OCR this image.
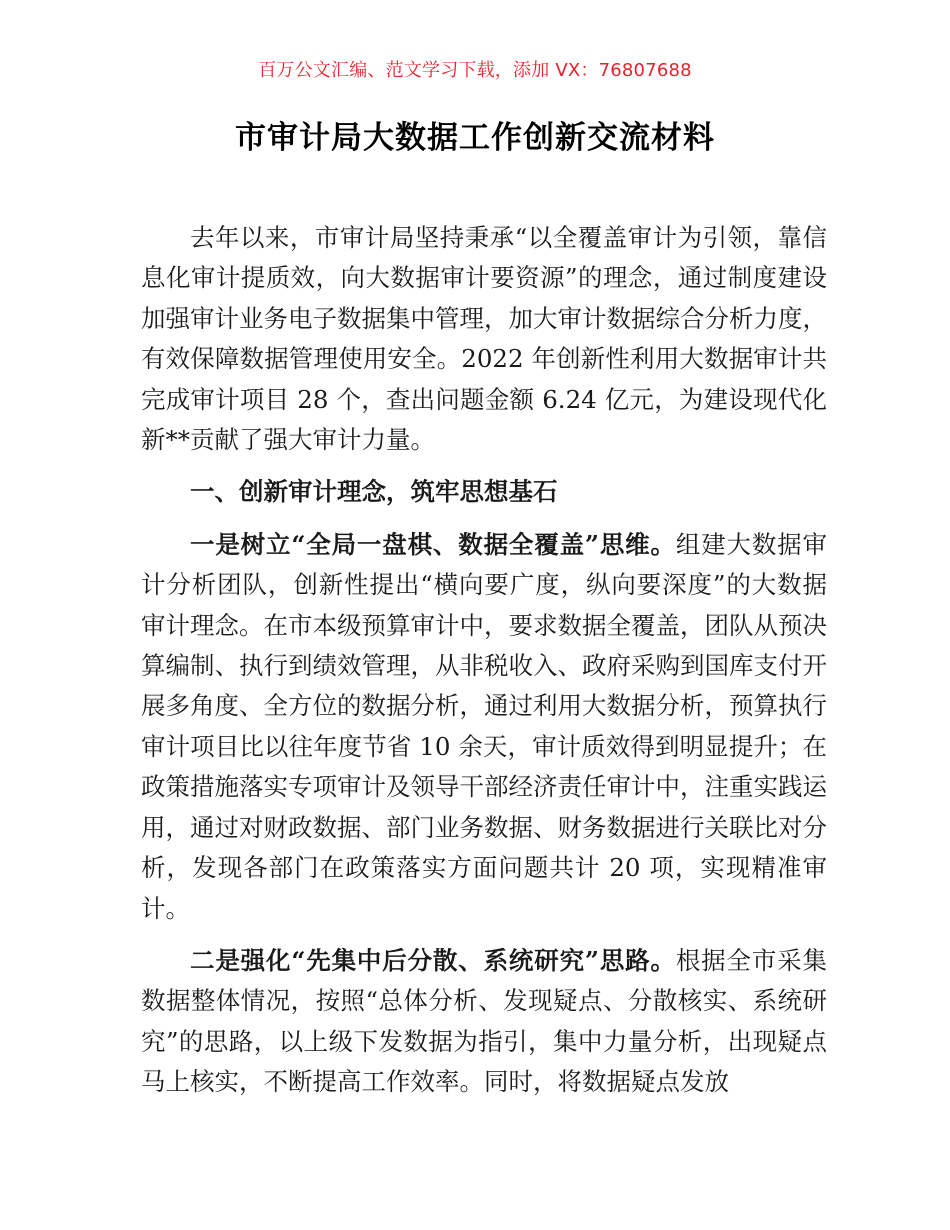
百万公文汇编、范文学习下载，添加 VX：76807688
市审计局大数据工作创新交流材料

去年以来，市审计局坚持秉承“以全覆盖审计为引领，靠信息化审计提质效，向大数据审计要资源”的理念，通过制度建设加强审计业务电子数据集中管理，加大审计数据综合分析力度，有效保障数据管理使用安全。2022 年创新性利用大数据审计共完成审计项目 28 个，查出问题金额 6.24 亿元，为建设现代化新**贡献了强大审计力量。

一、创新审计理念，筑牢思想基石

一是树立“全局一盘棋、数据全覆盖”思维。组建大数据审计分析团队，创新性提出“横向要广度，纵向要深度”的大数据审计理念。在市本级预算审计中，要求数据全覆盖，团队从预决算编制、执行到绩效管理，从非税收入、政府采购到国库支付开展多角度、全方位的数据分析，通过利用大数据分析，预算执行审计项目比以往年度节省 10 余天，审计质效得到明显提升；在政策措施落实专项审计及领导干部经济责任审计中，注重实践运用，通过对财政数据、部门业务数据、财务数据进行关联比对分析，发现各部门在政策落实方面问题共计 20 项，实现精准审计。

二是强化“先集中后分散、系统研究”思路。根据全市采集数据整体情况，按照“总体分析、发现疑点、分散核实、系统研究”的思路，以上级下发数据为指引，集中力量分析，出现疑点马上核实，不断提高工作效率。同时，将数据疑点发放
